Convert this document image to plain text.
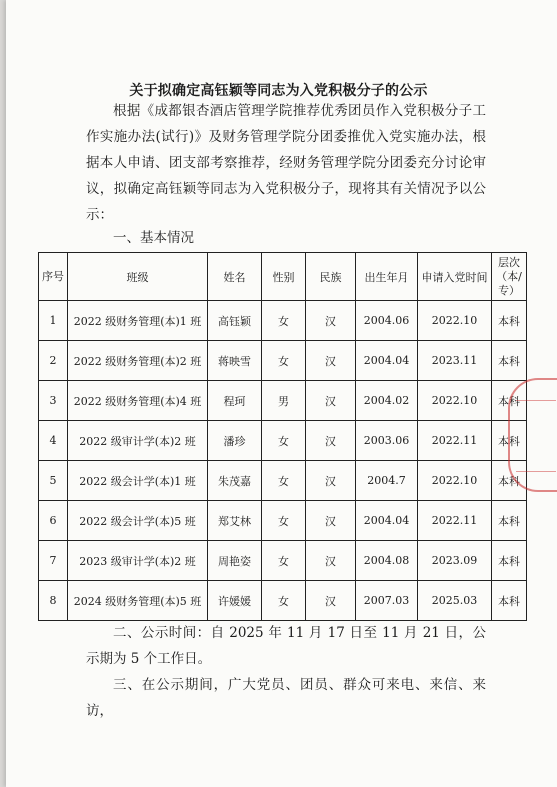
关于拟确定高钰颖等同志为入党积极分子的公示
根据《成都银杏酒店管理学院推荐优秀团员作入党积极分子工作实施办法(试行)》及财务管理学院分团委推优入党实施办法，根据本人申请、团支部考察推荐，经财务管理学院分团委充分讨论审议，拟确定高钰颖等同志为入党积极分子，现将其有关情况予以公示：
一、基本情况
序号	班级	姓名	性别	民族	出生年月	申请入党时间	层次（本/专）
1	2022 级财务管理(本)1 班	高钰颖	女	汉	2004.06	2022.10	本科
2	2022 级财务管理(本)2 班	蒋映雪	女	汉	2004.04	2023.11	本科
3	2022 级财务管理(本)4 班	程珂	男	汉	2004.02	2022.10	本科
4	2022 级审计学(本)2 班	潘珍	女	汉	2003.06	2022.11	本科
5	2022 级会计学(本)1 班	朱茂嘉	女	汉	2004.7	2022.10	本科
6	2022 级会计学(本)5 班	郑艾林	女	汉	2004.04	2022.11	本科
7	2023 级审计学(本)2 班	周艳姿	女	汉	2004.08	2023.09	本科
8	2024 级财务管理(本)5 班	许媛媛	女	汉	2007.03	2025.03	本科
二、公示时间：自 2025 年 11 月 17 日至 11 月 21 日，公示期为 5 个工作日。
三、在公示期间，广大党员、团员、群众可来电、来信、来访，
